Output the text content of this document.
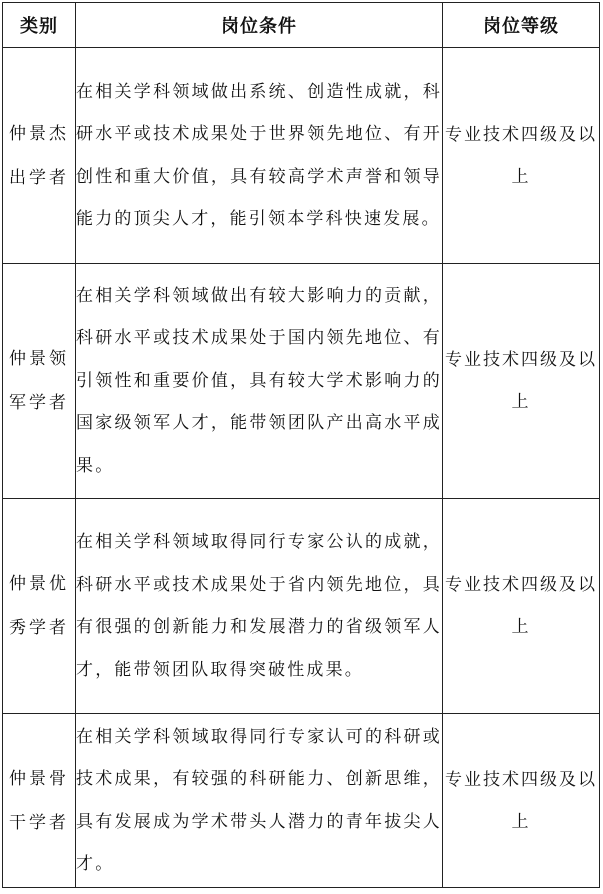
类别	岗位条件	岗位等级
仲景杰出学者	在相关学科领域做出系统、创造性成就，科研水平或技术成果处于世界领先地位、有开创性和重大价值，具有较高学术声誉和领导能力的顶尖人才，能引领本学科快速发展。	专业技术四级及以上
仲景领军学者	在相关学科领域做出有较大影响力的贡献，科研水平或技术成果处于国内领先地位、有引领性和重要价值，具有较大学术影响力的国家级领军人才，能带领团队产出高水平成果。	专业技术四级及以上
仲景优秀学者	在相关学科领域取得同行专家公认的成就，科研水平或技术成果处于省内领先地位，具有很强的创新能力和发展潜力的省级领军人才，能带领团队取得突破性成果。	专业技术四级及以上
仲景骨干学者	在相关学科领域取得同行专家认可的科研或技术成果，有较强的科研能力、创新思维，具有发展成为学术带头人潜力的青年拔尖人才。	专业技术四级及以上
